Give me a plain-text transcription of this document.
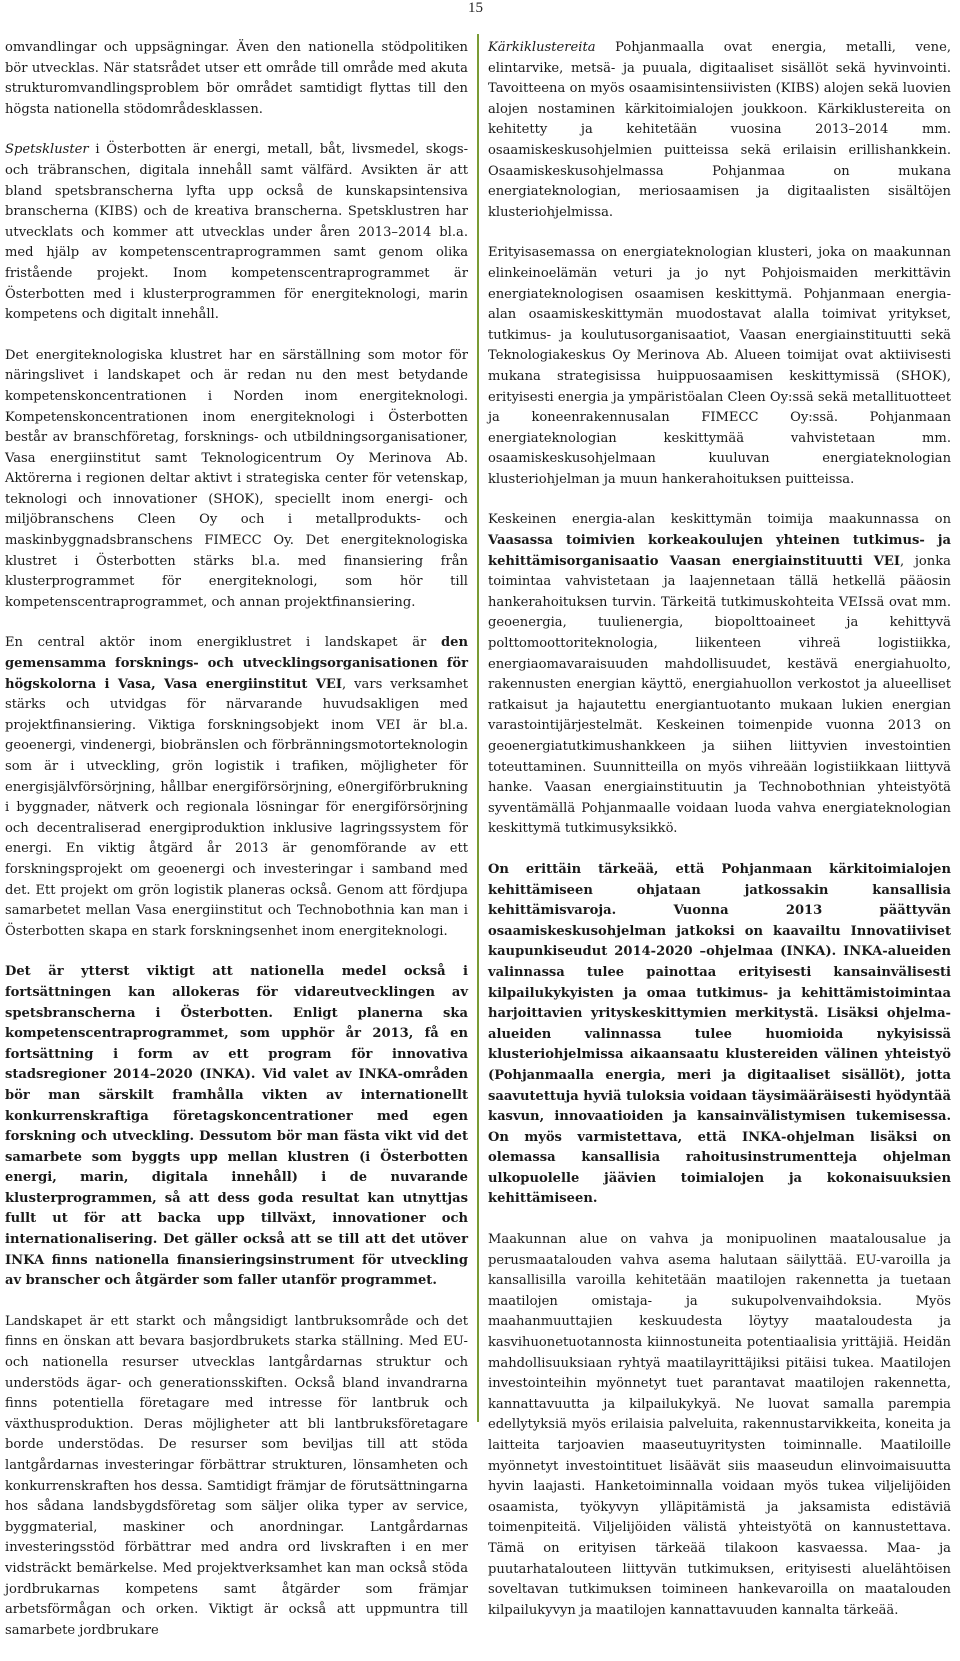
15

omvandlingar och uppsägningar. Även den nationella stödpolitiken bör utvecklas. När statsrådet utser ett område till område med akuta strukturomvandlingsproblem bör området samtidigt flyttas till den högsta nationella stödområdesklassen.

Spetskluster i Österbotten är energi, metall, båt, livsmedel, skogs- och träbranschen, digitala innehåll samt välfärd. Avsikten är att bland spetsbranscherna lyfta upp också de kunskapsintensiva branscherna (KIBS) och de kreativa branscherna. Spetsklustren har utvecklats och kommer att utvecklas under åren 2013–2014 bl.a. med hjälp av kompetenscentraprogrammen samt genom olika fristående projekt. Inom kompetenscentraprogrammet är Österbotten med i klusterprogrammen för energiteknologi, marin kompetens och digitalt innehåll.

Det energiteknologiska klustret har en särställning som motor för näringslivet i landskapet och är redan nu den mest betydande kompetenskoncentrationen i Norden inom energiteknologi. Kompetenskoncentrationen inom energiteknologi i Österbotten består av branschföretag, forsknings- och utbildningsorganisationer, Vasa energiinstitut samt Teknologicentrum Oy Merinova Ab. Aktörerna i regionen deltar aktivt i strategiska center för vetenskap, teknologi och innovationer (SHOK), speciellt inom energi- och miljöbranschens Cleen Oy och i metallprodukts- och maskinbyggnadsbranschens FIMECC Oy. Det energiteknologiska klustret i Österbotten stärks bl.a. med finansiering från klusterprogrammet för energiteknologi, som hör till kompetenscentraprogrammet, och annan projektfinansiering.

En central aktör inom energiklustret i landskapet är den gemensamma forsknings- och utvecklingsorganisationen för högskolorna i Vasa, Vasa energiinstitut VEI, vars verksamhet stärks och utvidgas för närvarande huvudsakligen med projektfinansiering. Viktiga forskningsobjekt inom VEI är bl.a. geoenergi, vindenergi, biobränslen och förbränningsmotorteknologin som är i utveckling, grön logistik i trafiken, möjligheter för energisjälvförsörjning, hållbar energiförsörjning, e0nergiförbrukning i byggnader, nätverk och regionala lösningar för energiförsörjning och decentraliserad energiproduktion inklusive lagringssystem för energi. En viktig åtgärd år 2013 är genomförande av ett forskningsprojekt om geoenergi och investeringar i samband med det. Ett projekt om grön logistik planeras också. Genom att fördjupa samarbetet mellan Vasa energiinstitut och Technobothnia kan man i Österbotten skapa en stark forskningsenhet inom energiteknologi.

Det är ytterst viktigt att nationella medel också i fortsättningen kan allokeras för vidareutvecklingen av spetsbranscherna i Österbotten. Enligt planerna ska kompetenscentraprogrammet, som upphör år 2013, få en fortsättning i form av ett program för innovativa stadsregioner 2014–2020 (INKA). Vid valet av INKA-områden bör man särskilt framhålla vikten av internationellt konkurrenskraftiga företagskoncentrationer med egen forskning och utveckling. Dessutom bör man fästa vikt vid det samarbete som byggts upp mellan klustren (i Österbotten energi, marin, digitala innehåll) i de nuvarande klusterprogrammen, så att dess goda resultat kan utnyttjas fullt ut för att backa upp tillväxt, innovationer och internationalisering. Det gäller också att se till att det utöver INKA finns nationella finansieringsinstrument för utveckling av branscher och åtgärder som faller utanför programmet.

Landskapet är ett starkt och mångsidigt lantbruksområde och det finns en önskan att bevara basjordbrukets starka ställning. Med EU- och nationella resurser utvecklas lantgårdarnas struktur och understöds ägar- och generationsskiften. Också bland invandrarna finns potentiella företagare med intresse för lantbruk och växthusproduktion. Deras möjligheter att bli lantbruksföretagare borde understödas. De resurser som beviljas till att stöda lantgårdarnas investeringar förbättrar strukturen, lönsamheten och konkurrenskraften hos dessa. Samtidigt främjar de förutsättningarna hos sådana landsbygdsföretag som säljer olika typer av service, byggmaterial, maskiner och anordningar. Lantgårdarnas investeringsstöd förbättrar med andra ord livskraften i en mer vidsträckt bemärkelse. Med projektverksamhet kan man också stöda jordbrukarnas kompetens samt åtgärder som främjar arbetsförmågan och orken. Viktigt är också att uppmuntra till samarbete jordbrukare

Kärkiklustereita Pohjanmaalla ovat energia, metalli, vene, elintarvike, metsä- ja puuala, digitaaliset sisällöt sekä hyvinvointi. Tavoitteena on myös osaamisintensiivisten (KIBS) alojen sekä luovien alojen nostaminen kärkitoimialojen joukkoon. Kärkiklustereita on kehitetty ja kehitetään vuosina 2013–2014 mm. osaamiskeskusohjelmien puitteissa sekä erilaisin erillishankkein. Osaamiskeskusohjelmassa Pohjanmaa on mukana energiateknologian, meriosaamisen ja digitaalisten sisältöjen klusteriohjelmissa.

Erityisasemassa on energiateknologian klusteri, joka on maakunnan elinkeinoelämän veturi ja jo nyt Pohjoismaiden merkittävin energiateknologisen osaamisen keskittymä. Pohjanmaan energia-alan osaamiskeskittymän muodostavat alalla toimivat yritykset, tutkimus- ja koulutusorganisaatiot, Vaasan energiainstituutti sekä Teknologiakeskus Oy Merinova Ab. Alueen toimijat ovat aktiivisesti mukana strategisissa huippuosaamisen keskittymissä (SHOK), erityisesti energia ja ympäristöalan Cleen Oy:ssä sekä metallituotteet ja koneenrakennusalan FIMECC Oy:ssä. Pohjanmaan energiateknologian keskittymää vahvistetaan mm. osaamiskeskusohjelmaan kuuluvan energiateknologian klusteriohjelman ja muun hankerahoituksen puitteissa.

Keskeinen energia-alan keskittymän toimija maakunnassa on Vaasassa toimivien korkeakoulujen yhteinen tutkimus- ja kehittämisorganisaatio Vaasan energiainstituutti VEI, jonka toimintaa vahvistetaan ja laajennetaan tällä hetkellä pääosin hankerahoituksen turvin. Tärkeitä tutkimuskohteita VEIssä ovat mm. geoenergia, tuulienergia, biopolttoaineet ja kehittyvä polttomoottoriteknologia, liikenteen vihreä logistiikka, energiaomavaraisuuden mahdollisuudet, kestävä energiahuolto, rakennusten energian käyttö, energiahuollon verkostot ja alueelliset ratkaisut ja hajautettu energiantuotanto mukaan lukien energian varastointijärjestelmät. Keskeinen toimenpide vuonna 2013 on geoenergiatutkimushankkeen ja siihen liittyvien investointien toteuttaminen. Suunnitteilla on myös vihreään logistiikkaan liittyvä hanke. Vaasan energiainstituutin ja Technobothnian yhteistyötä syventämällä Pohjanmaalle voidaan luoda vahva energiateknologian keskittymä tutkimusyksikkö.

On erittäin tärkeää, että Pohjanmaan kärkitoimialojen kehittämiseen ohjataan jatkossakin kansallisia kehittämisvaroja. Vuonna 2013 päättyvän osaamiskeskusohjelman jatkoksi on kaavailtu Innovatiiviset kaupunkiseudut 2014-2020 –ohjelmaa (INKA). INKA-alueiden valinnassa tulee painottaa erityisesti kansainvälisesti kilpailukykyisten ja omaa tutkimus- ja kehittämistoimintaa harjoittavien yrityskeskittymien merkitystä. Lisäksi ohjelma-alueiden valinnassa tulee huomioida nykyisissä klusteriohjelmissa aikaansaatu klustereiden välinen yhteistyö (Pohjanmaalla energia, meri ja digitaaliset sisällöt), jotta saavutettuja hyviä tuloksia voidaan täysimääräisesti hyödyntää kasvun, innovaatioiden ja kansainvälistymisen tukemisessa. On myös varmistettava, että INKA-ohjelman lisäksi on olemassa kansallisia rahoitusinstrumentteja ohjelman ulkopuolelle jäävien toimialojen ja kokonaisuuksien kehittämiseen.

Maakunnan alue on vahva ja monipuolinen maatalousalue ja perusmaatalouden vahva asema halutaan säilyttää. EU-varoilla ja kansallisilla varoilla kehitetään maatilojen rakennetta ja tuetaan maatilojen omistaja- ja sukupolvenvaihdoksia. Myös maahanmuuttajien keskuudesta löytyy maataloudesta ja kasvihuonetuotannosta kiinnostuneita potentiaalisia yrittäjiä. Heidän mahdollisuuksiaan ryhtyä maatilayrittäjiksi pitäisi tukea. Maatilojen investointeihin myönnetyt tuet parantavat maatilojen rakennetta, kannattavuutta ja kilpailukykyä. Ne luovat samalla parempia edellytyksiä myös erilaisia palveluita, rakennustarvikkeita, koneita ja laitteita tarjoavien maaseutuyritysten toiminnalle. Maatiloille myönnetyt investointituet lisäävät siis maaseudun elinvoimaisuutta hyvin laajasti. Hanketoiminnalla voidaan myös tukea viljelijöiden osaamista, työkyvyn ylläpitämistä ja jaksamista edistäviä toimenpiteitä. Viljelijöiden välistä yhteistyötä on kannustettava. Tämä on erityisen tärkeää tilakoon kasvaessa. Maa- ja puutarhatalouteen liittyvän tutkimuksen, erityisesti aluelähtöisen soveltavan tutkimuksen toimineen hankevaroilla on maatalouden kilpailukyvyn ja maatilojen kannattavuuden kannalta tärkeää.
